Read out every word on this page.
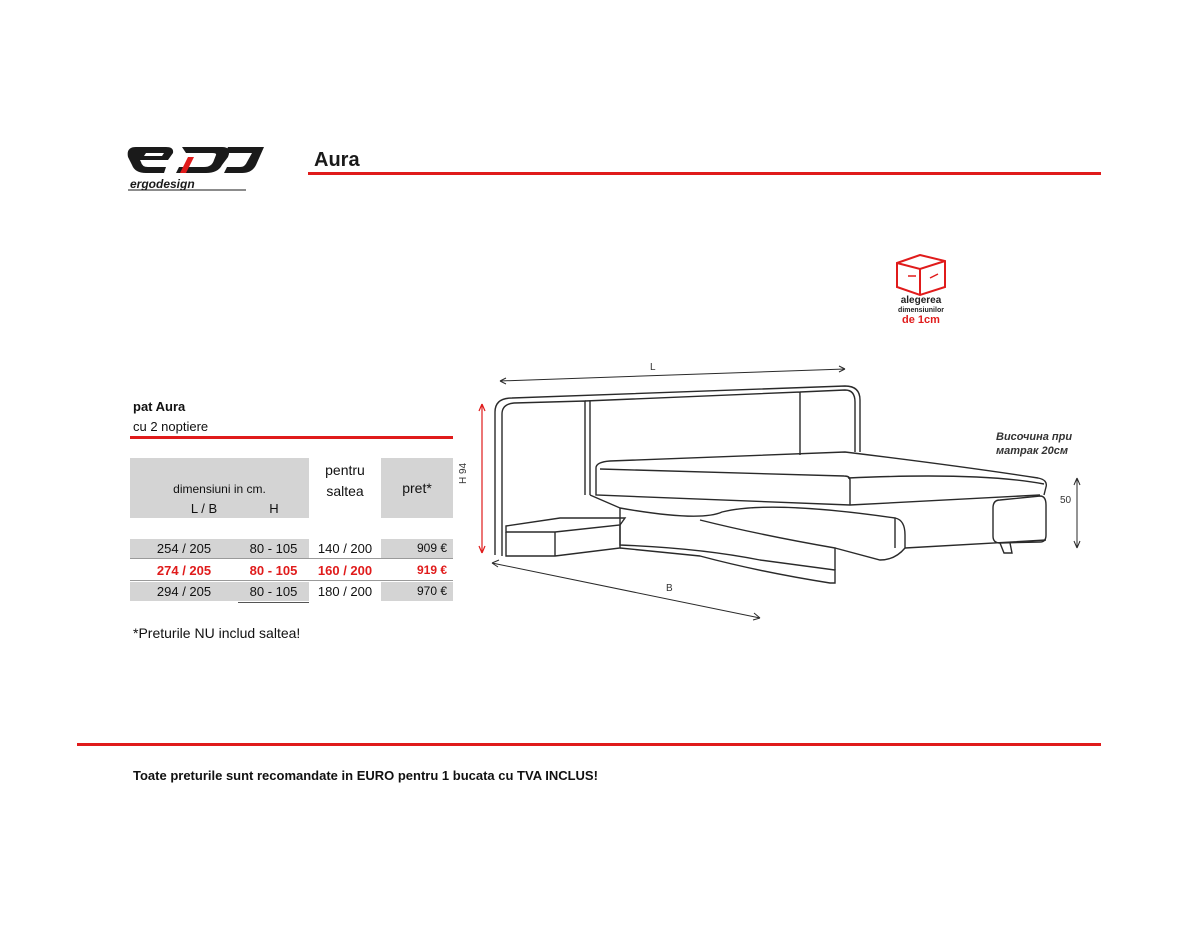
ergodesign
Aura
alegerea
dimensiunilor
de 1cm
pat Aura
cu 2 noptiere
dimensiuni in cm.
L / B	H
pentru
saltea	pret*
254 / 205	80 - 105	140 / 200	909 €
274 / 205	80 - 105	160 / 200	919 €
294 / 205	80 - 105	180 / 200	970 €
*Preturile NU includ saltea!
L
H 94
50
B
Височина при
матрак 20см
Toate preturile sunt recomandate in EURO pentru 1 bucata cu TVA INCLUS!
